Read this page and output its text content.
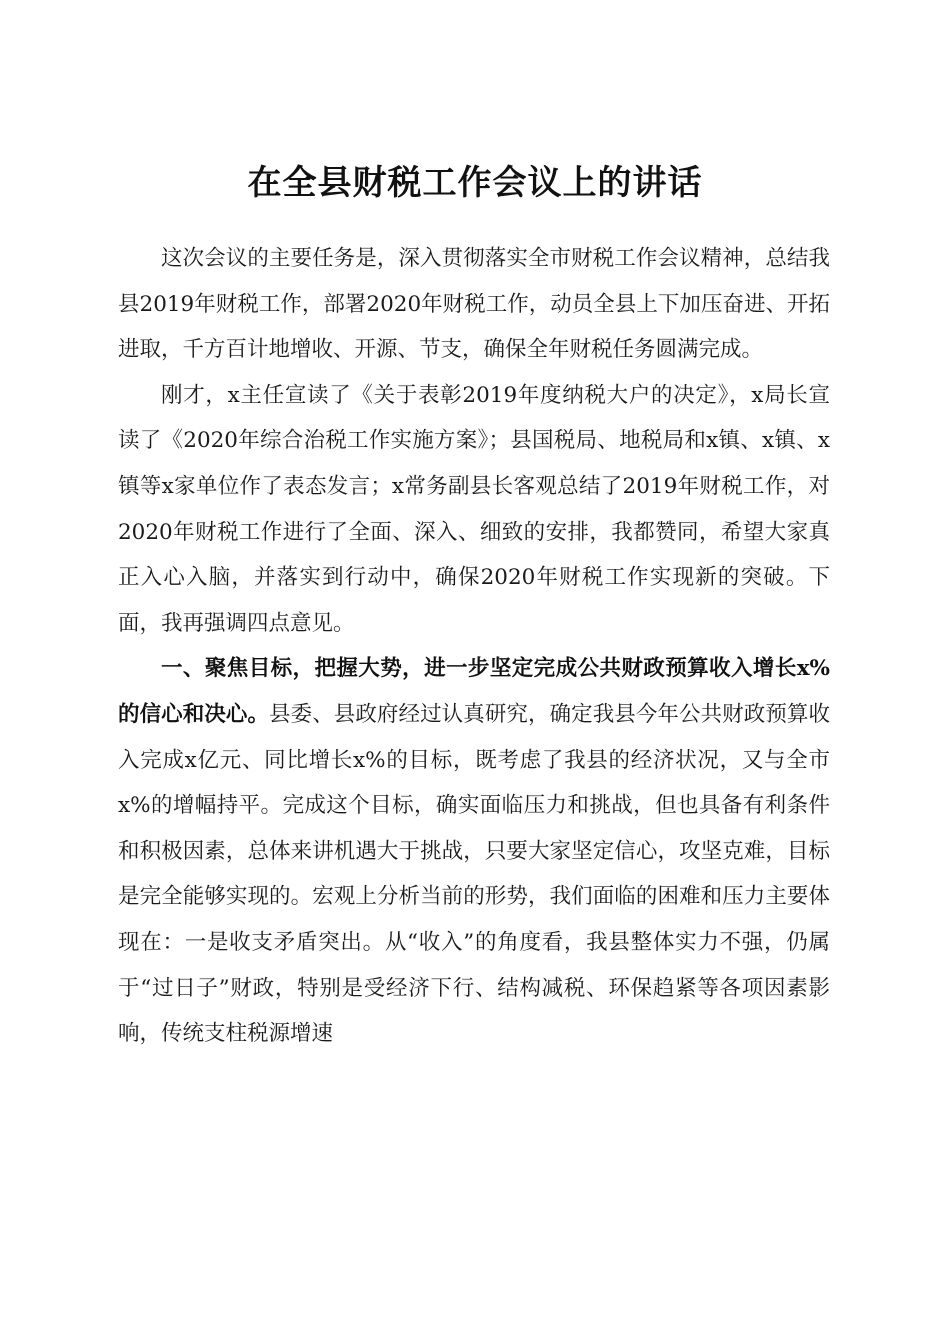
在全县财税工作会议上的讲话

这次会议的主要任务是，深入贯彻落实全市财税工作会议精神，总结我县2019年财税工作，部署2020年财税工作，动员全县上下加压奋进、开拓进取，千方百计地增收、开源、节支，确保全年财税任务圆满完成。

刚才，x主任宣读了《关于表彰2019年度纳税大户的决定》，x局长宣读了《2020年综合治税工作实施方案》；县国税局、地税局和x镇、x镇、x镇等x家单位作了表态发言；x常务副县长客观总结了2019年财税工作，对2020年财税工作进行了全面、深入、细致的安排，我都赞同，希望大家真正入心入脑，并落实到行动中，确保2020年财税工作实现新的突破。下面，我再强调四点意见。

一、聚焦目标，把握大势，进一步坚定完成公共财政预算收入增长x%的信心和决心。县委、县政府经过认真研究，确定我县今年公共财政预算收入完成x亿元、同比增长x%的目标，既考虑了我县的经济状况，又与全市x%的增幅持平。完成这个目标，确实面临压力和挑战，但也具备有利条件和积极因素，总体来讲机遇大于挑战，只要大家坚定信心，攻坚克难，目标是完全能够实现的。宏观上分析当前的形势，我们面临的困难和压力主要体现在：一是收支矛盾突出。从“收入”的角度看，我县整体实力不强，仍属于“过日子”财政，特别是受经济下行、结构减税、环保趋紧等各项因素影响，传统支柱税源增速
